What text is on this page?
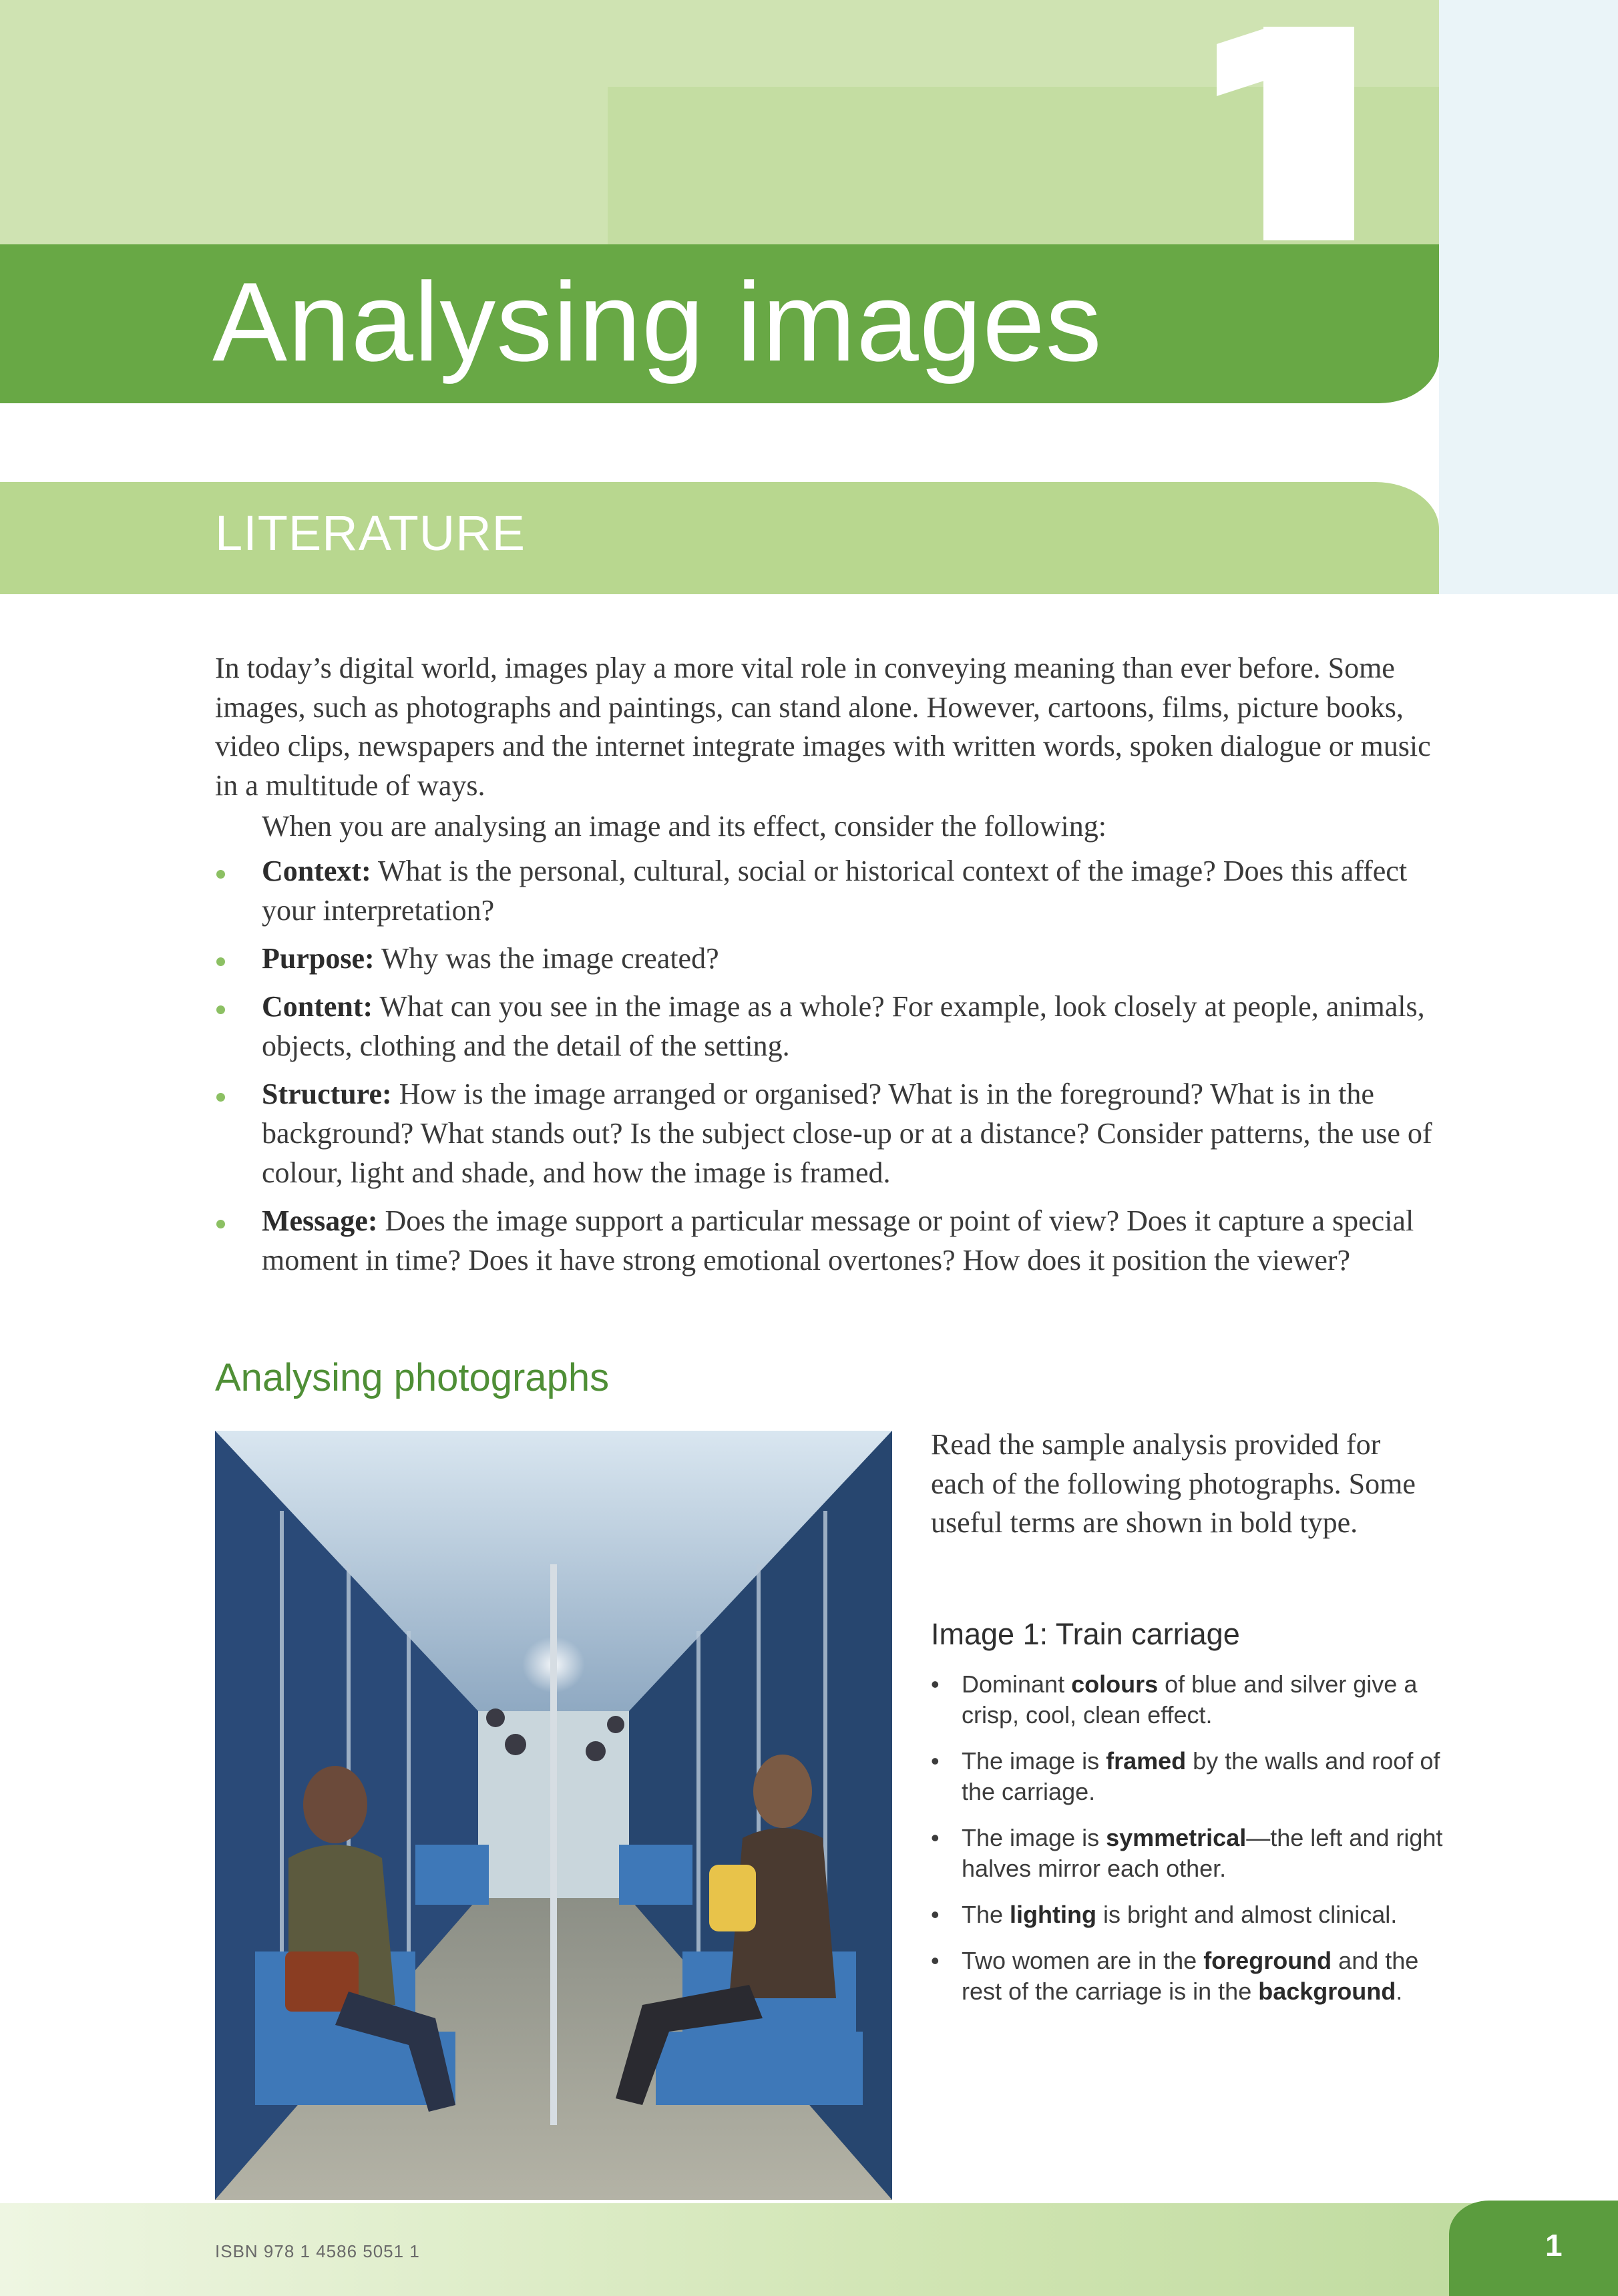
Analysing images
LITERATURE

In today’s digital world, images play a more vital role in conveying meaning than ever before. Some images, such as photographs and paintings, can stand alone. However, cartoons, films, picture books, video clips, newspapers and the internet integrate images with written words, spoken dialogue or music in a multitude of ways.

When you are analysing an image and its effect, consider the following:

Context: What is the personal, cultural, social or historical context of the image? Does this affect your interpretation?
Purpose: Why was the image created?
Content: What can you see in the image as a whole? For example, look closely at people, animals, objects, clothing and the detail of the setting.
Structure: How is the image arranged or organised? What is in the foreground? What is in the background? What stands out? Is the subject close-up or at a distance? Consider patterns, the use of colour, light and shade, and how the image is framed.
Message: Does the image support a particular message or point of view? Does it capture a special moment in time? Does it have strong emotional overtones? How does it position the viewer?
Analysing photographs

Read the sample analysis provided for each of the following photographs. Some useful terms are shown in bold type.

Image 1: Train carriage
• Dominant colours of blue and silver give a crisp, cool, clean effect.
• The image is framed by the walls and roof of the carriage.
• The image is symmetrical—the left and right halves mirror each other.
• The lighting is bright and almost clinical.
• Two women are in the foreground and the rest of the carriage is in the background.
ISBN 978 1 4586 5051 1	1
